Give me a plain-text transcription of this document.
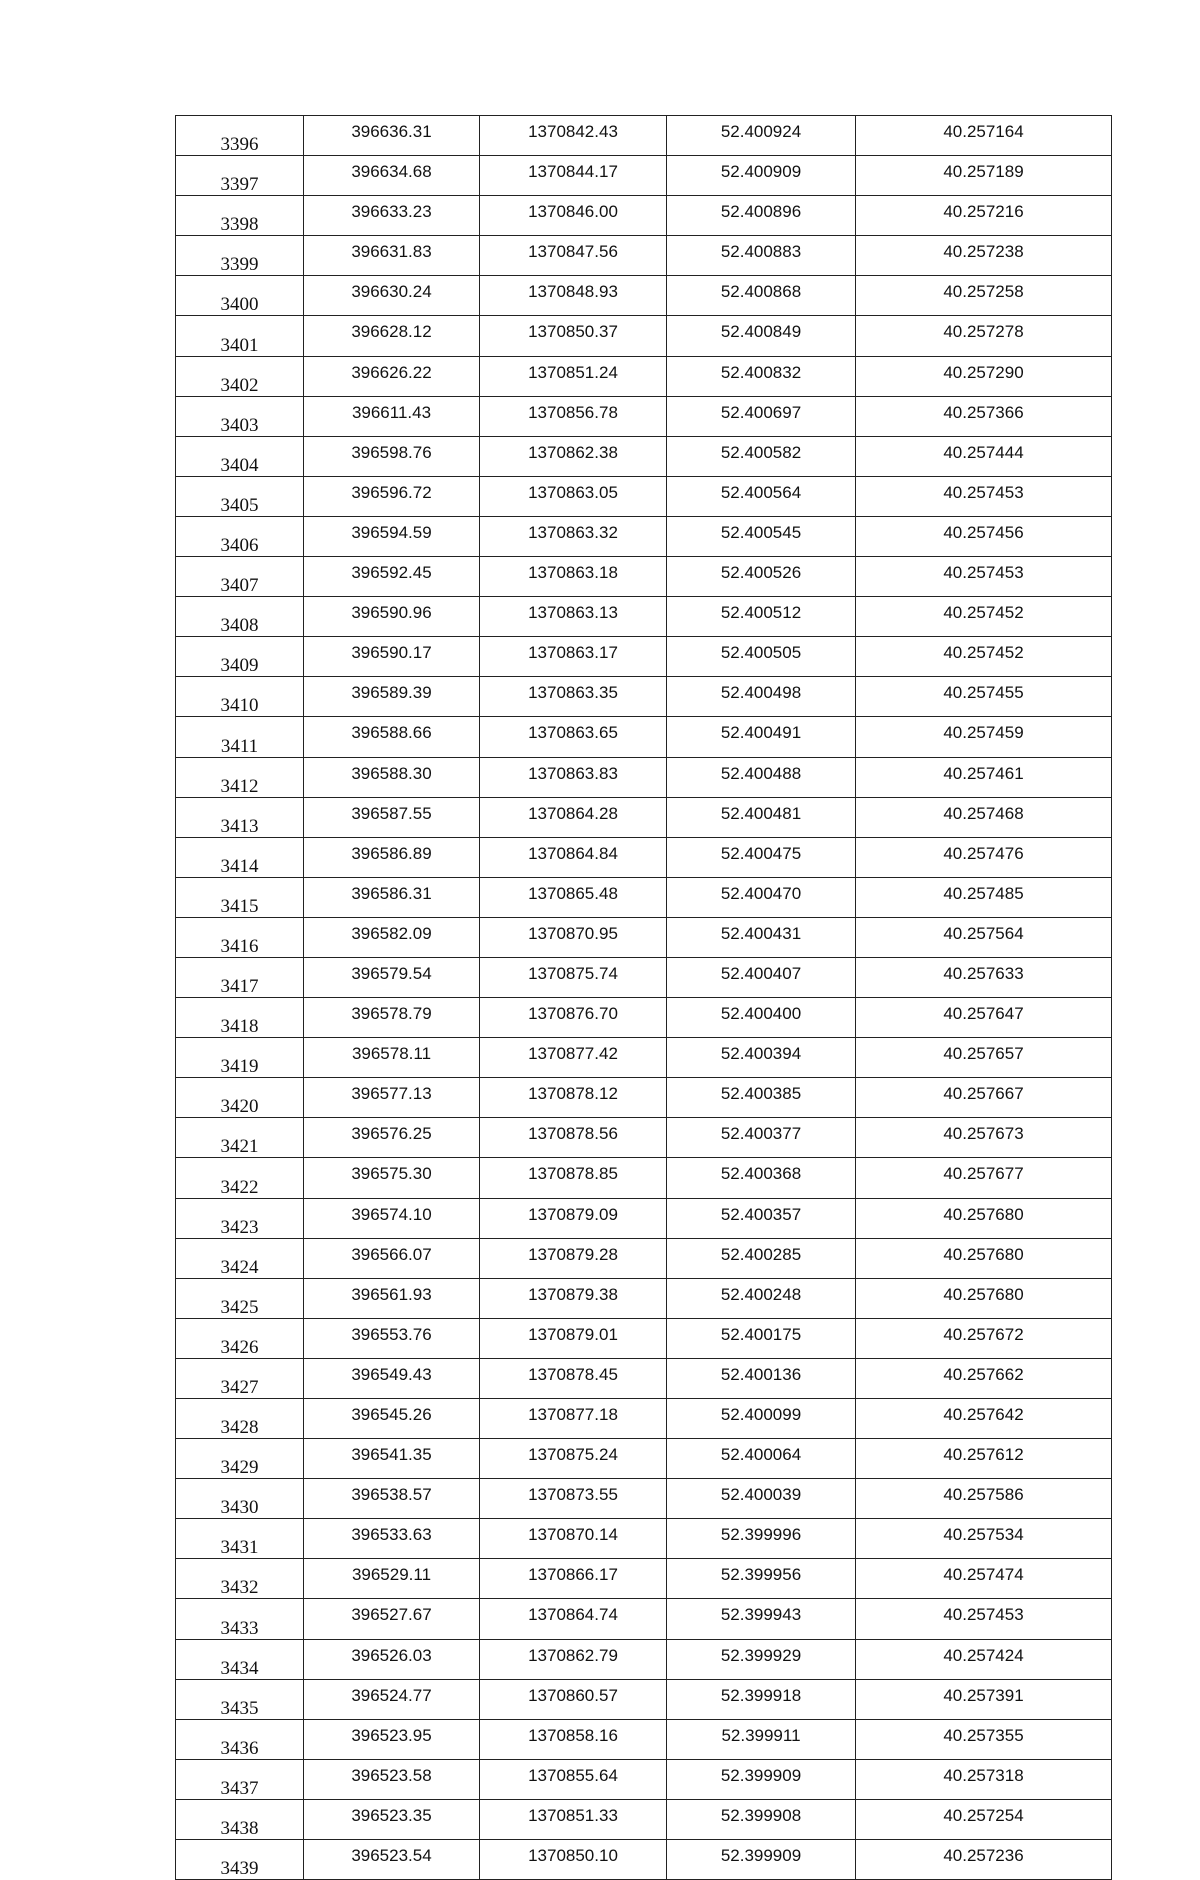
3396	396636.31	1370842.43	52.400924	40.257164
3397	396634.68	1370844.17	52.400909	40.257189
3398	396633.23	1370846.00	52.400896	40.257216
3399	396631.83	1370847.56	52.400883	40.257238
3400	396630.24	1370848.93	52.400868	40.257258
3401	396628.12	1370850.37	52.400849	40.257278
3402	396626.22	1370851.24	52.400832	40.257290
3403	396611.43	1370856.78	52.400697	40.257366
3404	396598.76	1370862.38	52.400582	40.257444
3405	396596.72	1370863.05	52.400564	40.257453
3406	396594.59	1370863.32	52.400545	40.257456
3407	396592.45	1370863.18	52.400526	40.257453
3408	396590.96	1370863.13	52.400512	40.257452
3409	396590.17	1370863.17	52.400505	40.257452
3410	396589.39	1370863.35	52.400498	40.257455
3411	396588.66	1370863.65	52.400491	40.257459
3412	396588.30	1370863.83	52.400488	40.257461
3413	396587.55	1370864.28	52.400481	40.257468
3414	396586.89	1370864.84	52.400475	40.257476
3415	396586.31	1370865.48	52.400470	40.257485
3416	396582.09	1370870.95	52.400431	40.257564
3417	396579.54	1370875.74	52.400407	40.257633
3418	396578.79	1370876.70	52.400400	40.257647
3419	396578.11	1370877.42	52.400394	40.257657
3420	396577.13	1370878.12	52.400385	40.257667
3421	396576.25	1370878.56	52.400377	40.257673
3422	396575.30	1370878.85	52.400368	40.257677
3423	396574.10	1370879.09	52.400357	40.257680
3424	396566.07	1370879.28	52.400285	40.257680
3425	396561.93	1370879.38	52.400248	40.257680
3426	396553.76	1370879.01	52.400175	40.257672
3427	396549.43	1370878.45	52.400136	40.257662
3428	396545.26	1370877.18	52.400099	40.257642
3429	396541.35	1370875.24	52.400064	40.257612
3430	396538.57	1370873.55	52.400039	40.257586
3431	396533.63	1370870.14	52.399996	40.257534
3432	396529.11	1370866.17	52.399956	40.257474
3433	396527.67	1370864.74	52.399943	40.257453
3434	396526.03	1370862.79	52.399929	40.257424
3435	396524.77	1370860.57	52.399918	40.257391
3436	396523.95	1370858.16	52.399911	40.257355
3437	396523.58	1370855.64	52.399909	40.257318
3438	396523.35	1370851.33	52.399908	40.257254
3439	396523.54	1370850.10	52.399909	40.257236
